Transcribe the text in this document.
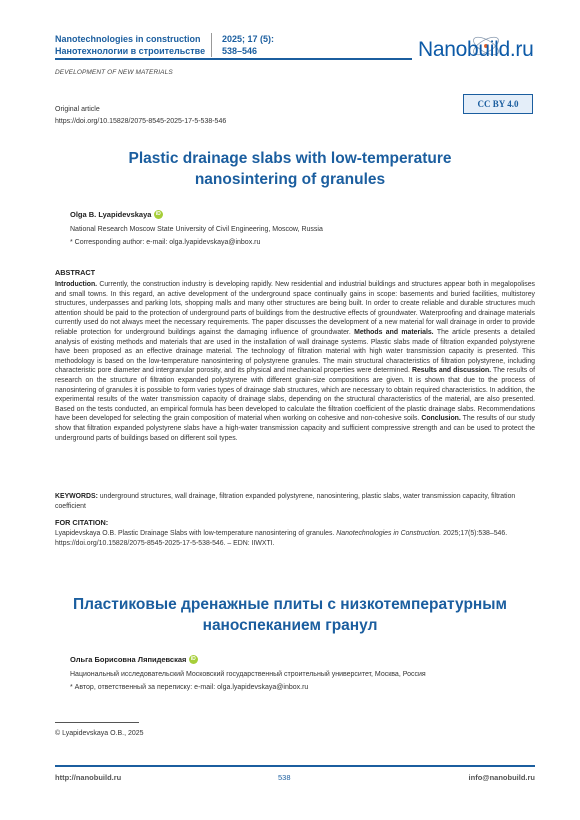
Nanotechnologies in construction
Нанотехнологии в строительстве
2025; 17 (5):
538–546	Nanobuild.ru
DEVELOPMENT OF NEW MATERIALS
Original article
https://doi.org/10.15828/2075-8545-2025-17-5-538-546
CC BY 4.0
Plastic drainage slabs with low-temperature
nanosintering of granules
Olga B. LyapidevskayaiD
National Research Moscow State University of Civil Engineering, Moscow, Russia
* Corresponding author: e-mail: olga.lyapidevskaya@inbox.ru
ABSTRACT
Introduction. Currently, the construction industry is developing rapidly. New residential and industrial buildings and structures appear both in megalopolises and small towns. In this regard, an active development of the underground space continually gains in scope: basements and buried facilities, multistorey structures, underpasses and parking lots, shopping malls and many other structures are being built. In order to create reliable and durable structures much attention should be paid to the protection of underground parts of buildings from the destructive effects of groundwater. Waterproofing and drainage materials currently used do not always meet the necessary requirements. The paper discusses the development of a new material for wall drainage in order to provide reliable protection for underground buildings against the damaging influence of groundwater. Methods and materials. The article presents a detailed analysis of existing methods and materials that are used in the installation of wall drainage systems. Plastic slabs made of filtration expanded polystyrene have been proposed as an effective drainage material. The technology of filtration material with high water transmission capacity is presented. This methodology is based on the low-temperature nanosintering of polystyrene granules. The main structural characteristics of filtration polystyrene, including characteristic pore diameter and intergranular porosity, and its physical and mechanical properties were determined. Results and discussion. The results of research on the structure of filtration expanded polystyrene with different grain-size compositions are given. It is shown that due to the process of nanosintering of granules it is possible to form varies types of drainage slab structures, which are necessary to obtain required characteristics. In addition, the experimental results of the water transmission capacity of drainage slabs, depending on the structural characteristics of the material, are also presented. Based on the tests conducted, an empirical formula has been developed to calculate the filtration coefficient of the plastic drainage slabs. Recommendations have been developed for selecting the grain composition of material when working on cohesive and non-cohesive soils. Conclusion. The results of our study show that filtration expanded polystyrene slabs have a high-water transmission capacity and sufficient compressive strength and can be used to protect the underground parts of buildings based on different soil types.
KEYWORDS: underground structures, wall drainage, filtration expanded polystyrene, nanosintering, plastic slabs, water transmission capacity, filtration coefficient
FOR CITATION:
Lyapidevskaya O.B. Plastic Drainage Slabs with low-temperature nanosintering of granules. Nanotechnologies in Construction. 2025;17(5):538–546. https://doi.org/10.15828/2075-8545-2025-17-5-538-546. – EDN: IIWXTI.
Пластиковые дренажные плиты с низкотемпературным
наноспеканием гранул
Ольга Борисовна ЛяпидевскаяiD
Национальный исследовательский Московский государственный строительный университет, Москва, Россия
* Автор, ответственный за переписку: e-mail: olga.lyapidevskaya@inbox.ru
© Lyapidevskaya O.B., 2025
http://nanobuild.ru	538	info@nanobuild.ru
